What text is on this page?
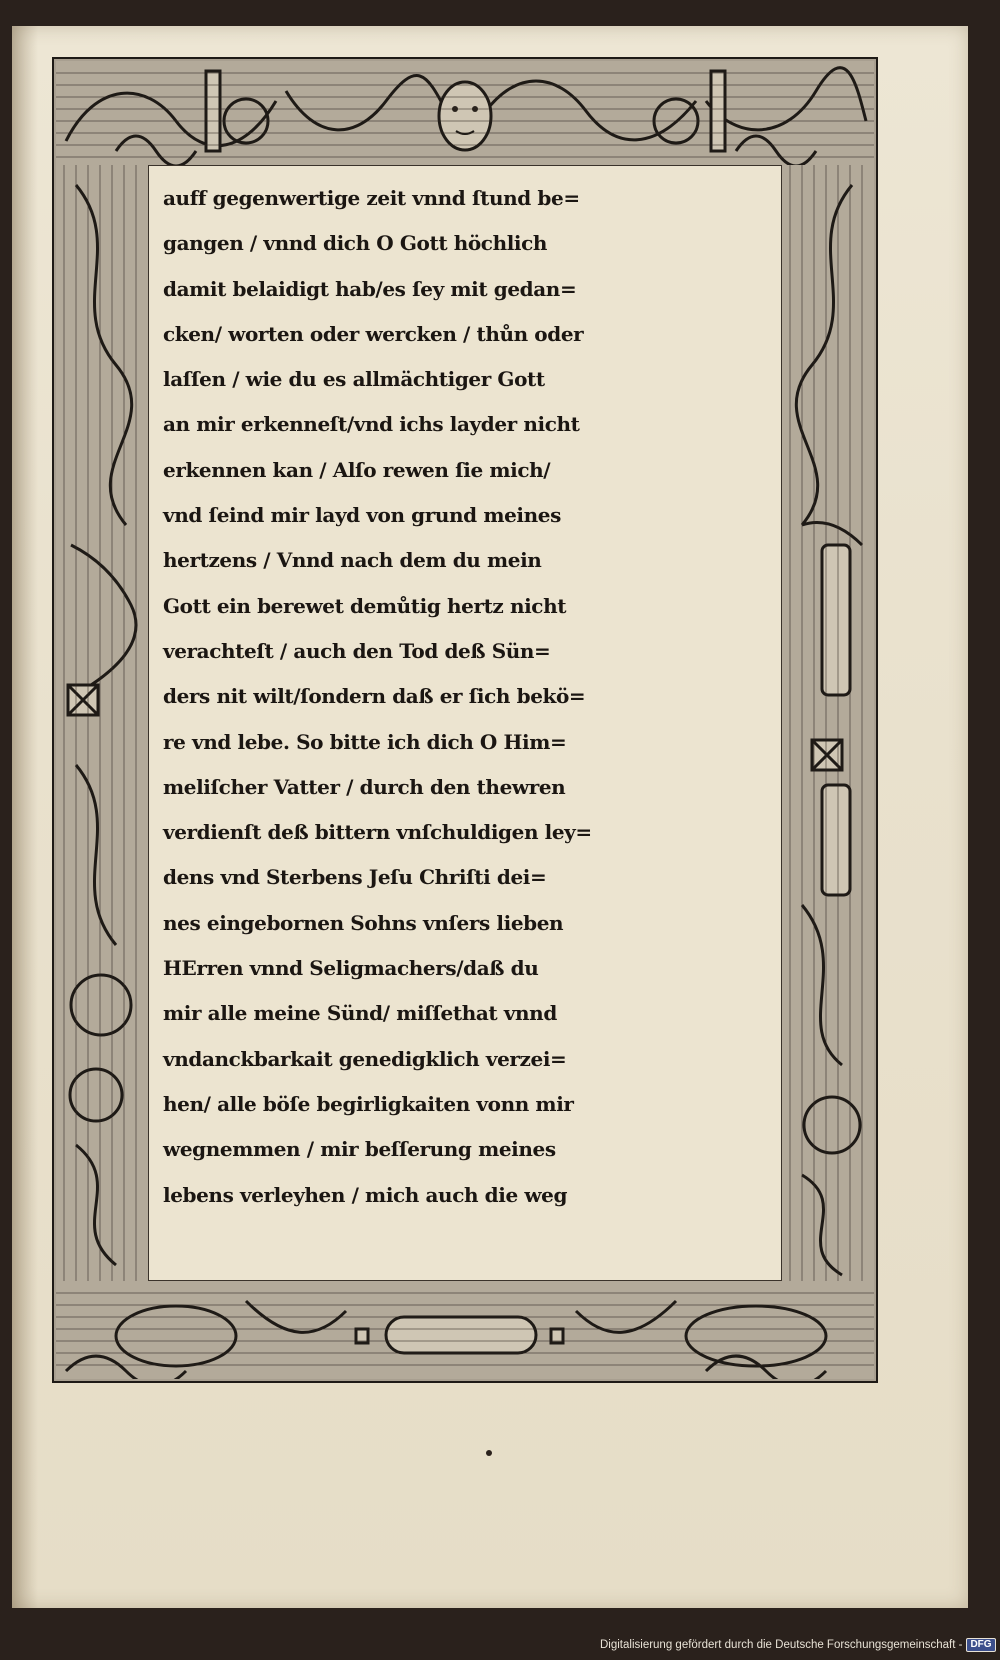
auff gegenwertige zeit vnnd ſtund be=
gangen / vnnd dich O Gott höchlich
damit belaidigt hab/es ſey mit gedan=
cken/ worten oder wercken / thůn oder
laſſen / wie du es allmächtiger Gott
an mir erkenneſt/vnd ichs layder nicht
erkennen kan / Alſo rewen ſie mich/
vnd ſeind mir layd von grund meines
hertzens / Vnnd nach dem du mein
Gott ein berewet demůtig hertz nicht
verachteſt / auch den Tod deß Sün=
ders nit wilt/ſondern daß er ſich bekö=
re vnd lebe. So bitte ich dich O Him=
meliſcher Vatter / durch den thewren
verdienſt deß bittern vnſchuldigen ley=
dens vnd Sterbens Jeſu Chriſti dei=
nes eingebornen Sohns vnſers lieben
HErren vnnd Seligmachers/daß du
mir alle meine Sünd/ miſſethat vnnd
vndanckbarkait genedigklich verzei=
hen/ alle böſe begirligkaiten vonn mir
wegnemmen / mir beſſerung meines
lebens verleyhen / mich auch die weg
Digitalisierung gefördert durch die Deutsche Forschungsgemeinschaft - DFG
